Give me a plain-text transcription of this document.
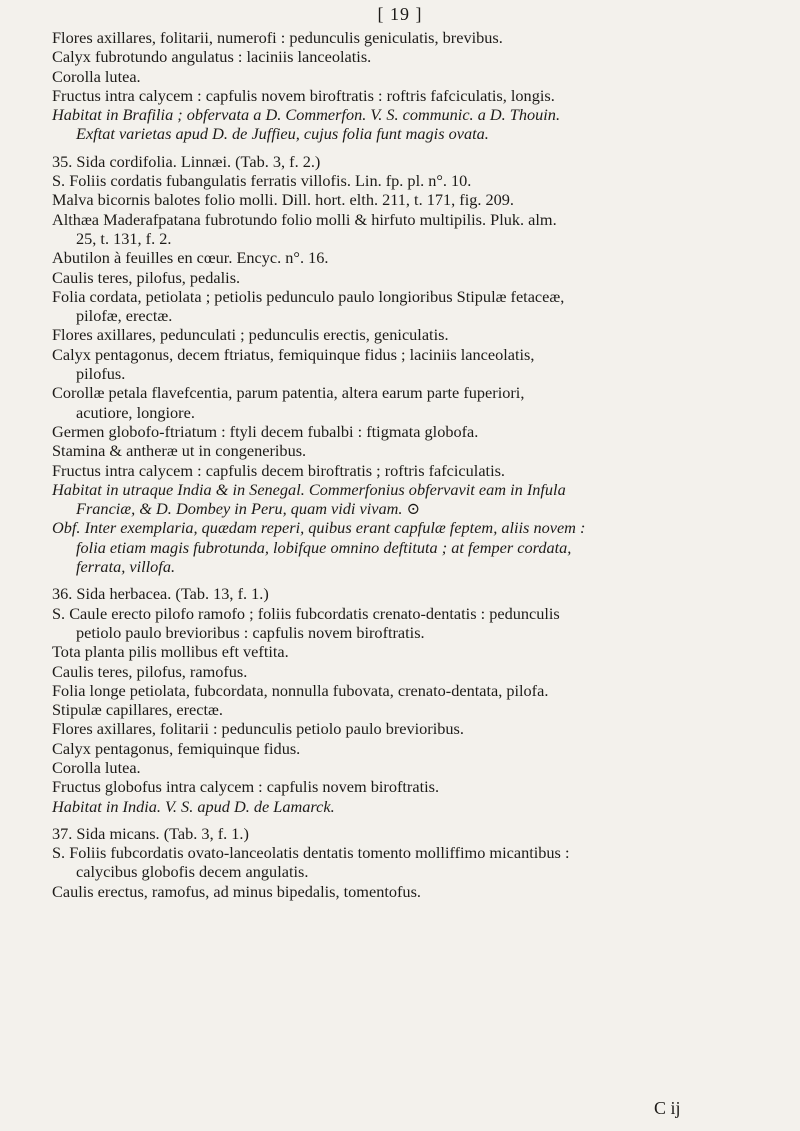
[ 19 ]
Flores axillares, folitarii, numerofi : pedunculis geniculatis, brevibus.
Calyx fubrotundo angulatus : laciniis lanceolatis.
Corolla lutea.
Fructus intra calycem : capfulis novem biroftratis : roftris fafciculatis, longis.
Habitat in Brafilia ; obfervata a D. Commerfon. V. S. communic. a D. Thouin.
Exftat varietas apud D. de Juffieu, cujus folia funt magis ovata.
35. Sida cordifolia. Linnæi. (Tab. 3, f. 2.)
S. Foliis cordatis fubangulatis ferratis villofis. Lin. fp. pl. n°. 10.
Malva bicornis balotes folio molli. Dill. hort. elth. 211, t. 171, fig. 209.
Althæa Maderafpatana fubrotundo folio molli & hirfuto multipilis. Pluk. alm.
25, t. 131, f. 2.
Abutilon à feuilles en cœur. Encyc. n°. 16.
Caulis teres, pilofus, pedalis.
Folia cordata, petiolata ; petiolis pedunculo paulo longioribus Stipulæ fetaceæ,
pilofæ, erectæ.
Flores axillares, pedunculati ; pedunculis erectis, geniculatis.
Calyx pentagonus, decem ftriatus, femiquinque fidus ; laciniis lanceolatis,
pilofus.
Corollæ petala flavefcentia, parum patentia, altera earum parte fuperiori,
acutiore, longiore.
Germen globofo-ftriatum : ftyli decem fubalbi : ftigmata globofa.
Stamina & antheræ ut in congeneribus.
Fructus intra calycem : capfulis decem biroftratis ; roftris fafciculatis.
Habitat in utraque India & in Senegal. Commerfonius obfervavit eam in Infula
Franciæ, & D. Dombey in Peru, quam vidi vivam. ⊙
Obf. Inter exemplaria, quædam reperi, quibus erant capfulæ feptem, aliis novem :
folia etiam magis fubrotunda, lobifque omnino deftituta ; at femper cordata,
ferrata, villofa.
36. Sida herbacea. (Tab. 13, f. 1.)
S. Caule erecto pilofo ramofo ; foliis fubcordatis crenato-dentatis : pedunculis
petiolo paulo brevioribus : capfulis novem biroftratis.
Tota planta pilis mollibus eft veftita.
Caulis teres, pilofus, ramofus.
Folia longe petiolata, fubcordata, nonnulla fubovata, crenato-dentata, pilofa.
Stipulæ capillares, erectæ.
Flores axillares, folitarii : pedunculis petiolo paulo brevioribus.
Calyx pentagonus, femiquinque fidus.
Corolla lutea.
Fructus globofus intra calycem : capfulis novem biroftratis.
Habitat in India. V. S. apud D. de Lamarck.
37. Sida micans. (Tab. 3, f. 1.)
S. Foliis fubcordatis ovato-lanceolatis dentatis tomento molliffimo micantibus :
calycibus globofis decem angulatis.
Caulis erectus, ramofus, ad minus bipedalis, tomentofus.
C ij
